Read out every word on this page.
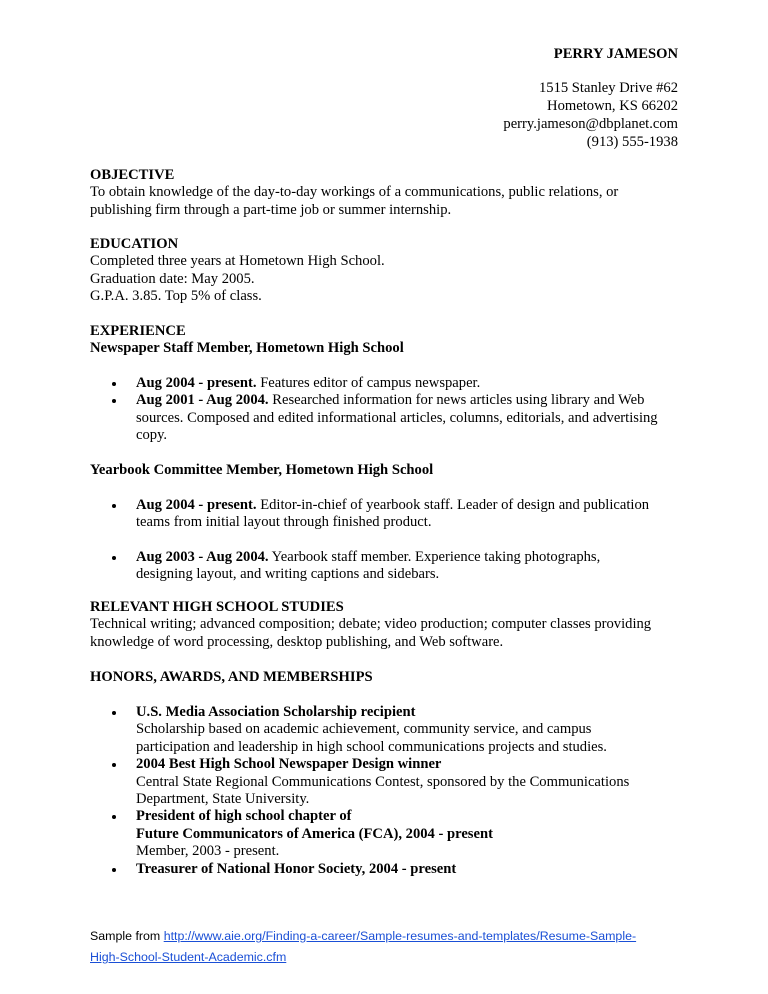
PERRY JAMESON
1515 Stanley Drive #62
Hometown, KS 66202
perry.jameson@dbplanet.com
(913) 555-1938
OBJECTIVE
To obtain knowledge of the day-to-day workings of a communications, public relations, or
publishing firm through a part-time job or summer internship.
EDUCATION
Completed three years at Hometown High School.
Graduation date: May 2005.
G.P.A. 3.85. Top 5% of class.
EXPERIENCE
Newspaper Staff Member, Hometown High School
Aug 2004 - present. Features editor of campus newspaper.
Aug 2001 - Aug 2004. Researched information for news articles using library and Web
sources. Composed and edited informational articles, columns, editorials, and advertising
copy.
Yearbook Committee Member, Hometown High School
Aug 2004 - present. Editor-in-chief of yearbook staff. Leader of design and publication
teams from initial layout through finished product.
Aug 2003 - Aug 2004. Yearbook staff member. Experience taking photographs,
designing layout, and writing captions and sidebars.
RELEVANT HIGH SCHOOL STUDIES
Technical writing; advanced composition; debate; video production; computer classes providing
knowledge of word processing, desktop publishing, and Web software.
HONORS, AWARDS, AND MEMBERSHIPS
U.S. Media Association Scholarship recipient
Scholarship based on academic achievement, community service, and campus
participation and leadership in high school communications projects and studies.
2004 Best High School Newspaper Design winner
Central State Regional Communications Contest, sponsored by the Communications
Department, State University.
President of high school chapter of
Future Communicators of America (FCA), 2004 - present
Member, 2003 - present.
Treasurer of National Honor Society, 2004 - present
Sample from http://www.aie.org/Finding-a-career/Sample-resumes-and-templates/Resume-Sample-
High-School-Student-Academic.cfm
